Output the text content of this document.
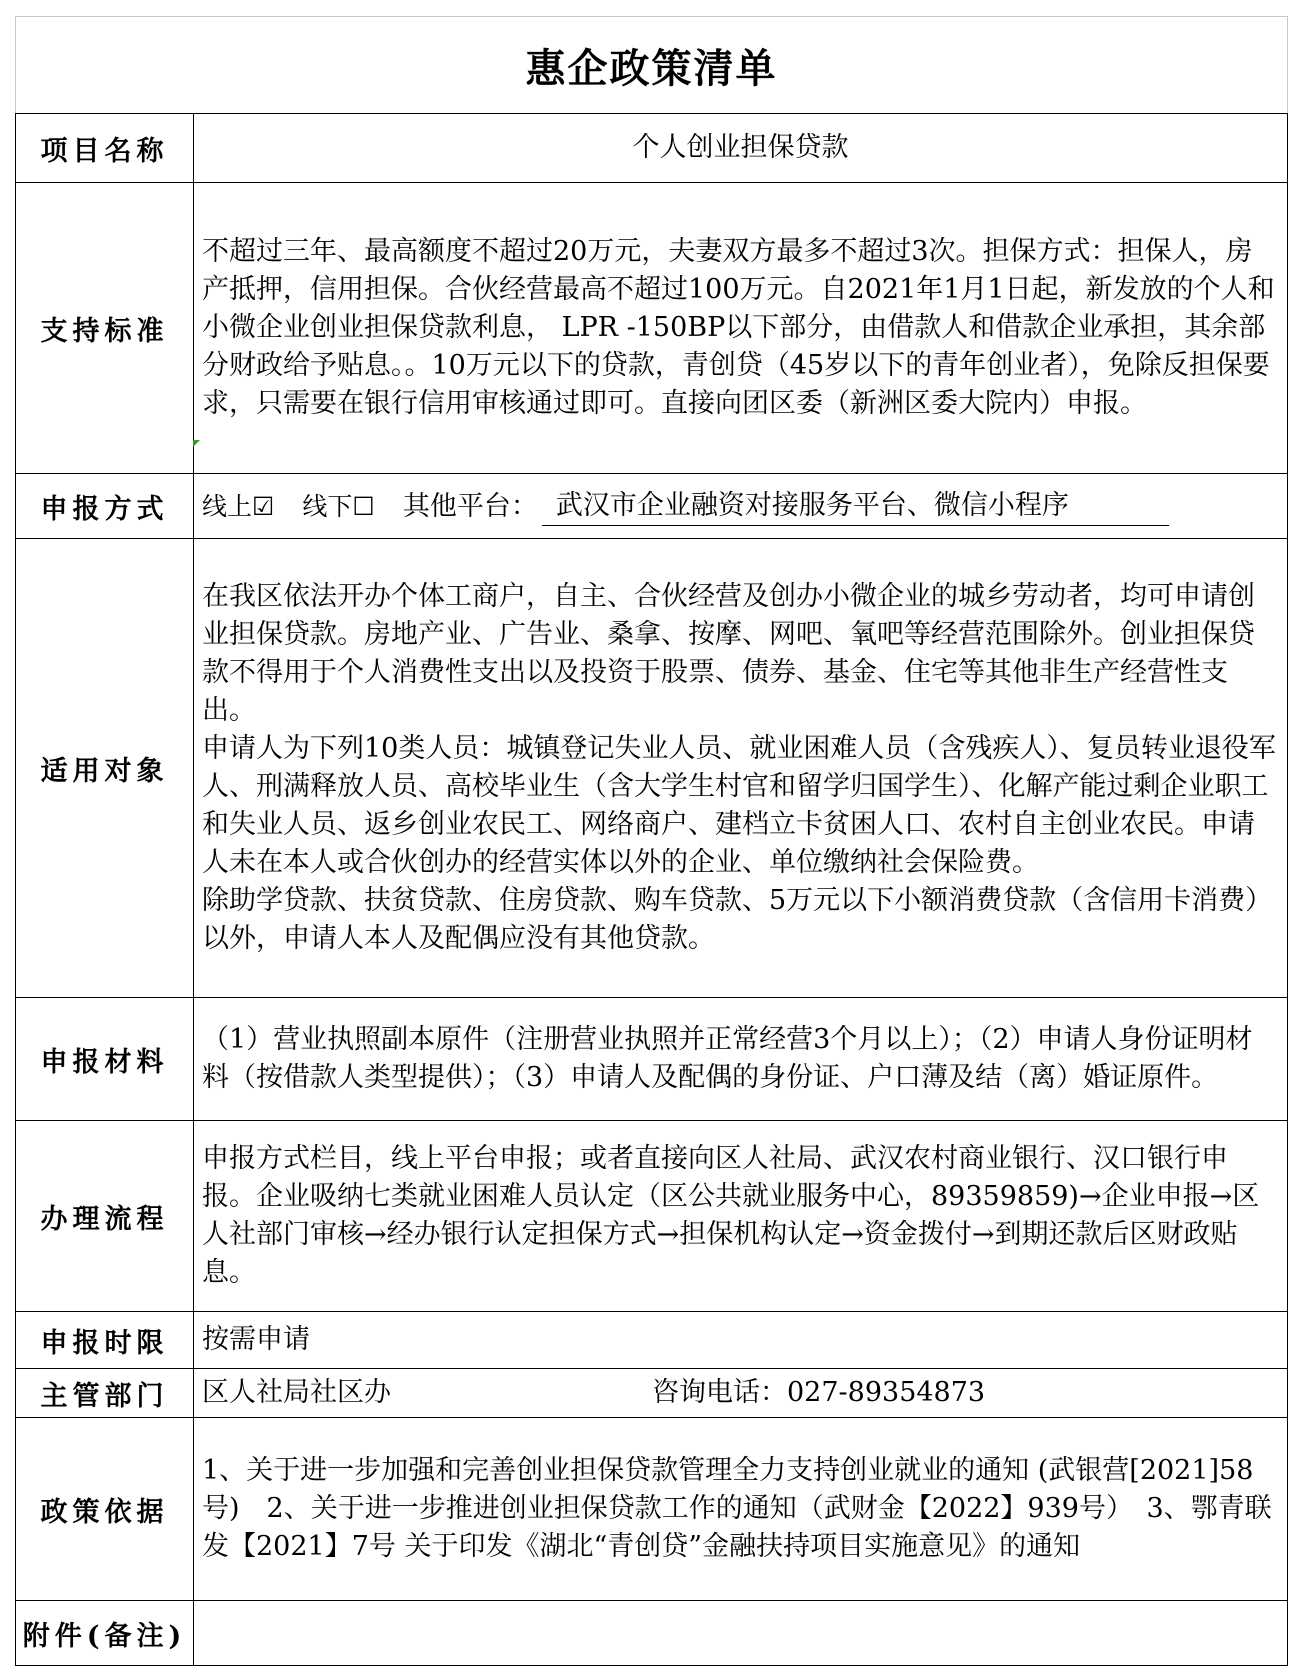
惠企政策清单	
项目名称	个人创业担保贷款
支持标准	不超过三年、最高额度不超过20万元，夫妻双方最多不超过3次。担保方式：担保人，房产抵押，信用担保。合伙经营最高不超过100万元。自2021年1月1日起，新发放的个人和小微企业创业担保贷款利息， LPR -150BP以下部分，由借款人和借款企业承担，其余部分财政给予贴息。。10万元以下的贷款，青创贷（45岁以下的青年创业者），免除反担保要求，只需要在银行信用审核通过即可。直接向团区委（新洲区委大院内）申报。
申报方式	线上☑ 线下☐ 其他平台： 武汉市企业融资对接服务平台、微信小程序

适用对象	在我区依法开办个体工商户，自主、合伙经营及创办小微企业的城乡劳动者，均可申请创业担保贷款。房地产业、广告业、桑拿、按摩、网吧、氧吧等经营范围除外。创业担保贷款不得用于个人消费性支出以及投资于股票、债券、基金、住宅等其他非生产经营性支出。

申请人为下列10类人员：城镇登记失业人员、就业困难人员（含残疾人）、复员转业退役军人、刑满释放人员、高校毕业生（含大学生村官和留学归国学生）、化解产能过剩企业职工和失业人员、返乡创业农民工、网络商户、建档立卡贫困人口、农村自主创业农民。申请人未在本人或合伙创办的经营实体以外的企业、单位缴纳社会保险费。

除助学贷款、扶贫贷款、住房贷款、购车贷款、5万元以下小额消费贷款（含信用卡消费）以外，申请人本人及配偶应没有其他贷款。

申报材料	（1）营业执照副本原件（注册营业执照并正常经营3个月以上）；（2）申请人身份证明材料（按借款人类型提供）；（3）申请人及配偶的身份证、户口薄及结（离）婚证原件。
办理流程	申报方式栏目，线上平台申报；或者直接向区人社局、武汉农村商业银行、汉口银行申报。企业吸纳七类就业困难人员认定（区公共就业服务中心，89359859)→企业申报→区人社部门审核→经办银行认定担保方式→担保机构认定→资金拨付→到期还款后区财政贴息。
申报时限	按需申请
主管部门	区人社局社区办 咨询电话：027-89354873

政策依据	1、关于进一步加强和完善创业担保贷款管理全力支持创业就业的通知 (武银营[2021]58号)　2、关于进一步推进创业担保贷款工作的通知（武财金【2022】939号）　3、鄂青联发【2021】7号 关于印发《湖北“青创贷”金融扶持项目实施意见》的通知
附件(备注)	
